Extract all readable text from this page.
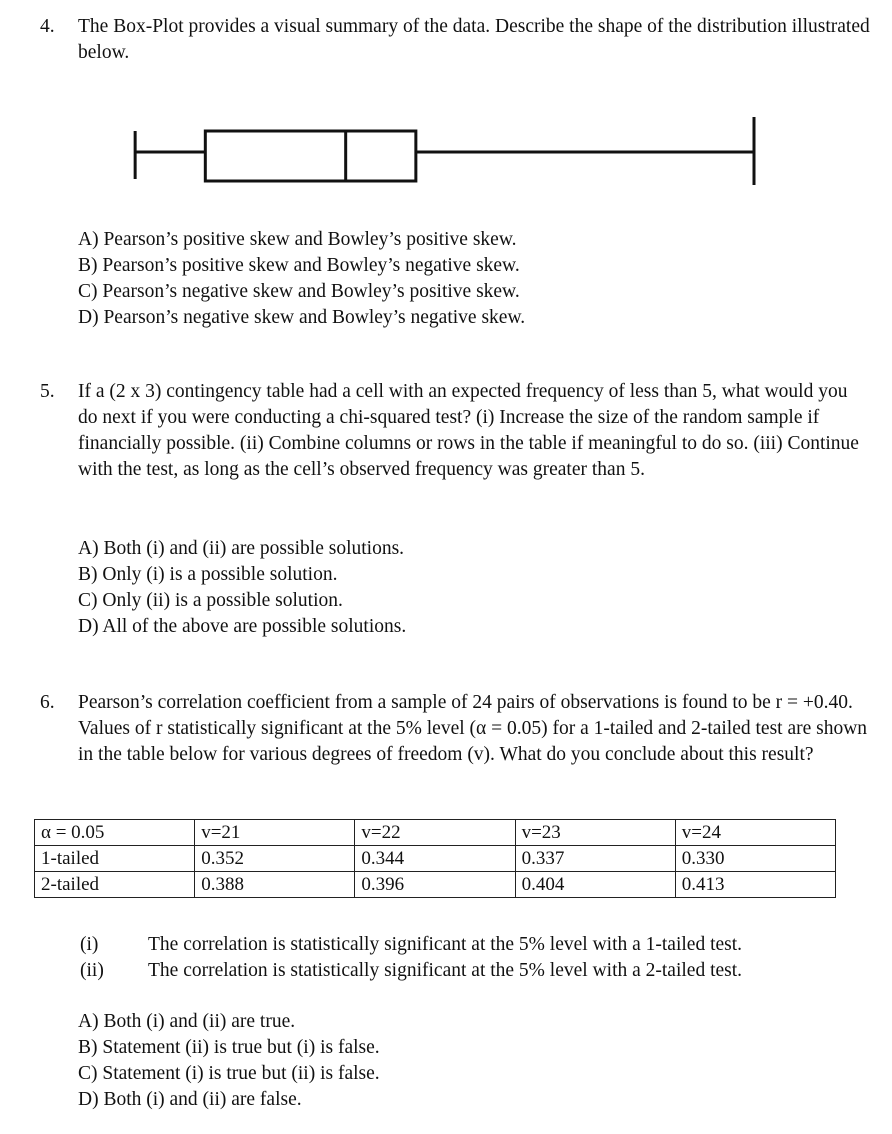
4. The Box-Plot provides a visual summary of the data. Describe the shape of the distribution illustrated below.
A) Pearson’s positive skew and Bowley’s positive skew.
B) Pearson’s positive skew and Bowley’s negative skew.
C) Pearson’s negative skew and Bowley’s positive skew.
D) Pearson’s negative skew and Bowley’s negative skew.
5. If a (2 x 3) contingency table had a cell with an expected frequency of less than 5, what would you do next if you were conducting a chi-squared test? (i) Increase the size of the random sample if financially possible. (ii) Combine columns or rows in the table if meaningful to do so. (iii) Continue with the test, as long as the cell’s observed frequency was greater than 5.
A) Both (i) and (ii) are possible solutions.
B) Only (i) is a possible solution.
C) Only (ii) is a possible solution.
D) All of the above are possible solutions.
6. Pearson’s correlation coefficient from a sample of 24 pairs of observations is found to be r = +0.40. Values of r statistically significant at the 5% level (α = 0.05) for a 1-tailed and 2-tailed test are shown in the table below for various degrees of freedom (v). What do you conclude about this result?
α = 0.05	v=21	v=22	v=23	v=24
1-tailed	0.352	0.344	0.337	0.330
2-tailed	0.388	0.396	0.404	0.413
(i)	The correlation is statistically significant at the 5% level with a 1-tailed test.
(ii)	The correlation is statistically significant at the 5% level with a 2-tailed test.
A) Both (i) and (ii) are true.
B) Statement (ii) is true but (i) is false.
C) Statement (i) is true but (ii) is false.
D) Both (i) and (ii) are false.
